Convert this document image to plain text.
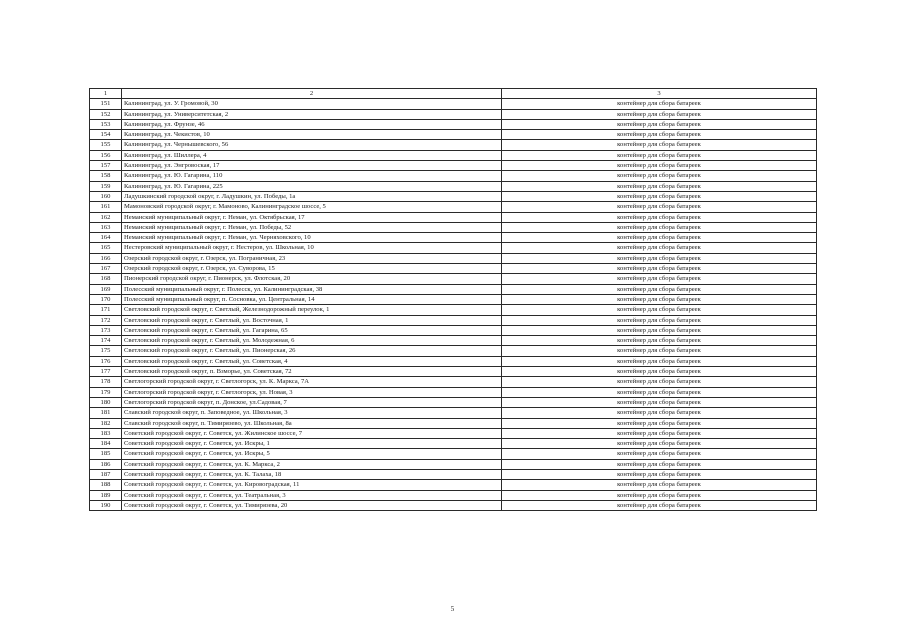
1	2	3
151	Калининград, ул. У. Громовой, 30	контейнер для сбора батареек
152	Калининград, ул. Университетская, 2	контейнер для сбора батареек
153	Калининград, ул. Фрунзе, 46	контейнер для сбора батареек
154	Калининград, ул. Чекистов, 10	контейнер для сбора батареек
155	Калининград, ул. Чернышевского, 56	контейнер для сбора батареек
156	Калининград, ул. Шиллера, 4	контейнер для сбора батареек
157	Калининград, ул. Энгровоская, 17	контейнер для сбора батареек
158	Калининград, ул. Ю. Гагарина, 110	контейнер для сбора батареек
159	Калининград, ул. Ю. Гагарина, 225	контейнер для сбора батареек
160	Ладушкинский городской округ, г. Ладушкин, ул. Победы, 1а	контейнер для сбора батареек
161	Мамоновский городской округ, г. Мамоново, Калининградское шоссе, 5	контейнер для сбора батареек
162	Неманский муниципальный округ, г. Неман, ул. Октябрьская, 17	контейнер для сбора батареек
163	Неманский муниципальный округ, г. Неман, ул. Победы, 52	контейнер для сбора батареек
164	Неманский муниципальный округ, г. Неман, ул. Черняховского, 10	контейнер для сбора батареек
165	Нестеровский муниципальный округ, г. Нестеров, ул. Школьная, 10	контейнер для сбора батареек
166	Озерский городской округ, г. Озерск, ул. Пограничная, 23	контейнер для сбора батареек
167	Озерский городской округ, г. Озерск, ул. Суворова, 15	контейнер для сбора батареек
168	Пионерский городской округ, г. Пионерск, ул. Флотская, 20	контейнер для сбора батареек
169	Полесский муниципальный округ, г. Полесск, ул. Калининградская, 38	контейнер для сбора батареек
170	Полесский муниципальный округ, п. Сосновка, ул. Центральная, 14	контейнер для сбора батареек
171	Светловский городской округ, г. Светлый, Железнодорожный переулок, 1	контейнер для сбора батареек
172	Светловский городской округ, г. Светлый, ул. Восточная, 1	контейнер для сбора батареек
173	Светловский городской округ, г. Светлый, ул. Гагарина, 65	контейнер для сбора батареек
174	Светловский городской округ, г. Светлый, ул. Молодежная, 6	контейнер для сбора батареек
175	Светловский городской округ, г. Светлый, ул. Пионерская, 26	контейнер для сбора батареек
176	Светловский городской округ, г. Светлый, ул. Советская, 4	контейнер для сбора батареек
177	Светловский городской округ, п. Взморье, ул. Советская, 72	контейнер для сбора батареек
178	Светлогорский городской округ, г. Светлогорск, ул. К. Маркса, 7А	контейнер для сбора батареек
179	Светлогорский городской округ, г. Светлогорск, ул. Новая, 3	контейнер для сбора батареек
180	Светлогорский городской округ, п. Донское, ул.Садовая, 7	контейнер для сбора батареек
181	Славский городской округ, п. Заповедное, ул. Школьная, 3	контейнер для сбора батареек
182	Славский городской округ, п. Тимирязево, ул. Школьная, 8а	контейнер для сбора батареек
183	Советский городской округ, г. Советск, ул. Жилинское шоссе, 7	контейнер для сбора батареек
184	Советский городской округ, г. Советск, ул. Искры, 1	контейнер для сбора батареек
185	Советский городской округ, г. Советск, ул. Искры, 5	контейнер для сбора батареек
186	Советский городской округ, г. Советск, ул. К. Маркса, 2	контейнер для сбора батареек
187	Советский городской округ, г. Советск, ул. К. Талаха, 18	контейнер для сбора батареек
188	Советский городской округ, г. Советск, ул. Кировоградская, 11	контейнер для сбора батареек
189	Советский городской округ, г. Советск, ул. Театральная, 3	контейнер для сбора батареек
190	Советский городской округ, г. Советск, ул. Тимирязева, 20	контейнер для сбора батареек
5
